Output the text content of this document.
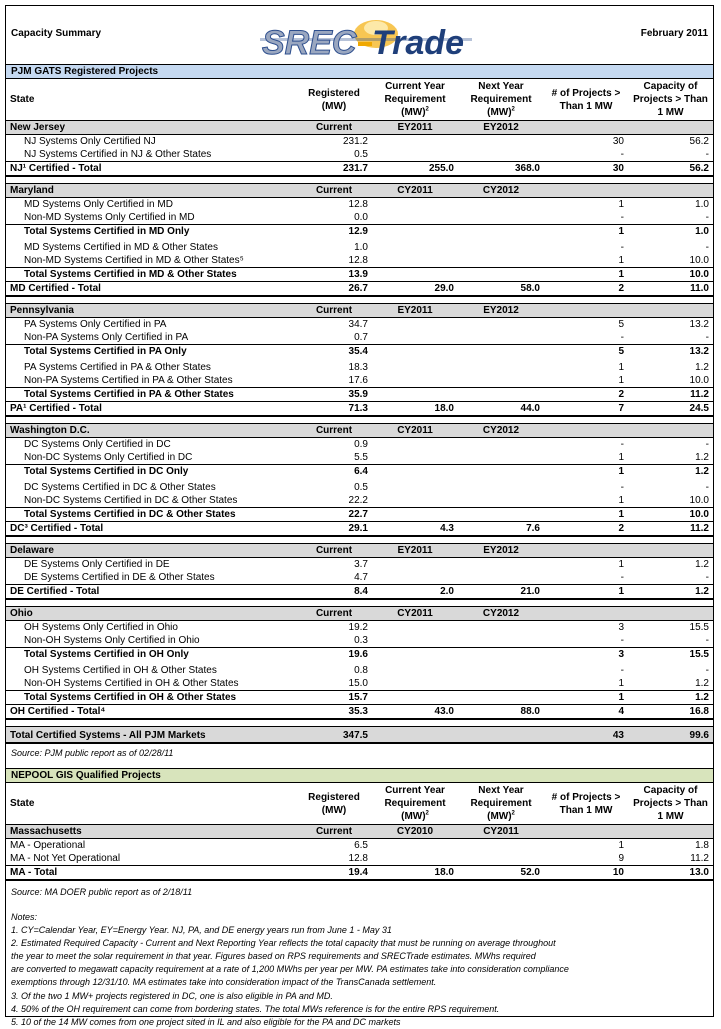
Capacity Summary	SREC Trade	February 2011
PJM GATS Registered Projects
State	Registered (MW)	Current Year Requirement (MW)$^2$	Next Year Requirement (MW)$^2$	# of Projects > Than 1 MW	Capacity of Projects > Than 1 MW
New Jersey	Current	EY2011	EY2012		
NJ Systems Only Certified NJ	231.2			30	56.2
NJ Systems Certified in NJ & Other States	0.5			-	-
NJ¹ Certified - Total	231.7	255.0	368.0	30	56.2

Maryland	Current	CY2011	CY2012		
MD Systems Only Certified in MD	12.8			1	1.0
Non-MD Systems Only Certified in MD	0.0			-	-
Total Systems Certified in MD Only	12.9			1	1.0
MD Systems Certified in MD & Other States	1.0			-	-
Non-MD Systems Certified in MD & Other States⁵	12.8			1	10.0
Total Systems Certified in MD & Other States	13.9			1	10.0
MD Certified - Total	26.7	29.0	58.0	2	11.0

Pennsylvania	Current	EY2011	EY2012		
PA Systems Only Certified in PA	34.7			5	13.2
Non-PA Systems Only Certified in PA	0.7			-	-
Total Systems Certified in PA Only	35.4			5	13.2
PA Systems Certified in PA & Other States	18.3			1	1.2
Non-PA Systems Certified in PA & Other States	17.6			1	10.0
Total Systems Certified in PA & Other States	35.9			2	11.2
PA¹ Certified - Total	71.3	18.0	44.0	7	24.5

Washington D.C.	Current	CY2011	CY2012		
DC Systems Only Certified in DC	0.9			-	-
Non-DC Systems Only Certified in DC	5.5			1	1.2
Total Systems Certified in DC Only	6.4			1	1.2
DC Systems Certified in DC & Other States	0.5			-	-
Non-DC Systems Certified in DC & Other States	22.2			1	10.0
Total Systems Certified in DC & Other States	22.7			1	10.0
DC³ Certified - Total	29.1	4.3	7.6	2	11.2

Delaware	Current	EY2011	EY2012		
DE Systems Only Certified in DE	3.7			1	1.2
DE Systems Certified in DE & Other States	4.7			-	-
DE Certified - Total	8.4	2.0	21.0	1	1.2

Ohio	Current	CY2011	CY2012		
OH Systems Only Certified in Ohio	19.2			3	15.5
Non-OH Systems Only Certified in Ohio	0.3			-	-
Total Systems Certified in OH Only	19.6			3	15.5
OH Systems Certified in OH & Other States	0.8			-	-
Non-OH Systems Certified in OH & Other States	15.0			1	1.2
Total Systems Certified in OH & Other States	15.7			1	1.2
OH Certified - Total⁴	35.3	43.0	88.0	4	16.8

Total Certified Systems - All PJM Markets	347.5			43	99.6
Source: PJM public report as of 02/28/11
NEPOOL GIS Qualified Projects
State	Registered (MW)	Current Year Requirement (MW)$^2$	Next Year Requirement (MW)$^2$	# of Projects > Than 1 MW	Capacity of Projects > Than 1 MW
Massachusetts	Current	CY2010	CY2011		
MA - Operational	6.5			1	1.8
MA - Not Yet Operational	12.8			9	11.2
MA - Total	19.4	18.0	52.0	10	13.0
Source: MA DOER public report as of 2/18/11
Notes:
1. CY=Calendar Year, EY=Energy Year. NJ, PA, and DE energy years run from June 1 - May 31
2. Estimated Required Capacity - Current and Next Reporting Year reflects the total capacity that must be running on average throughout
the year to meet the solar requirement in that year. Figures based on RPS requirements and SRECTrade estimates. MWhs required
are converted to megawatt capacity requirement at a rate of 1,200 MWhs per year per MW. PA estimates take into consideration compliance
exemptions through 12/31/10. MA estimates take into consideration impact of the TransCanada settlement.
3. Of the two 1 MW+ projects registered in DC, one is also eligible in PA and MD.
4. 50% of the OH requirement can come from bordering states. The total MWs reference is for the entire RPS requirement.
5. 10 of the 14 MW comes from one project sited in IL and also eligible for the PA and DC markets
